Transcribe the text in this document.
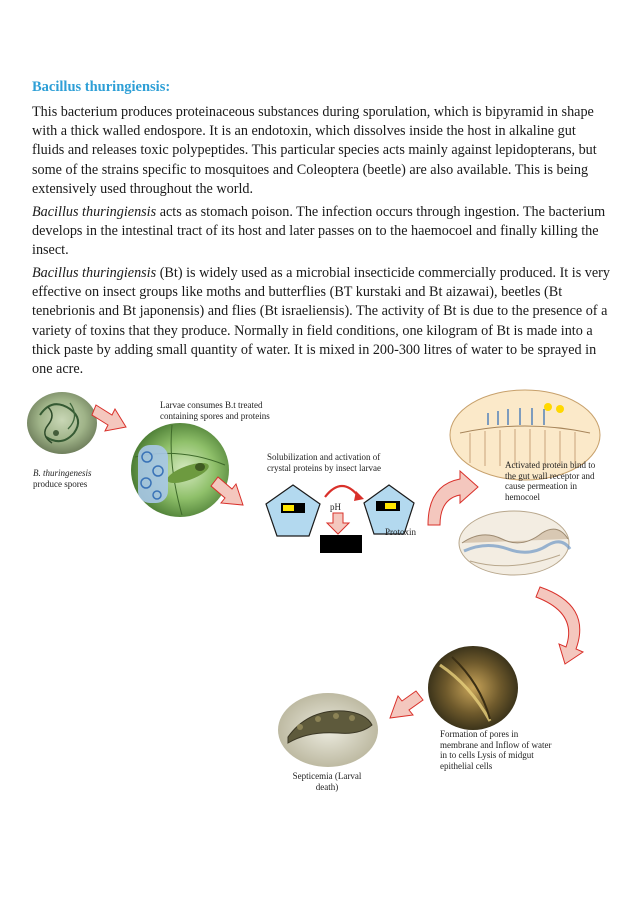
Bacillus thuringiensis:

This bacterium produces proteinaceous substances during sporulation, which is bipyramid in shape with a thick walled endospore. It is an endotoxin, which dissolves inside the host in alkaline gut fluids and releases toxic polypeptides. This particular species acts mainly against lepidopterans, but some of the strains specific to mosquitoes and Coleoptera (beetle) are also available. This is being extensively used throughout the world.

Bacillus thuringiensis acts as stomach poison. The infection occurs through ingestion. The bacterium develops in the intestinal tract of its host and later passes on to the haemocoel and finally killing the insect.

Bacillus thuringiensis (Bt) is widely used as a microbial insecticide commercially produced. It is very effective on insect groups like moths and butterflies (BT kurstaki and Bt aizawai), beetles (Bt tenebrionis and Bt japonensis) and flies (Bt israeliensis). The activity of Bt is due to the presence of a variety of toxins that they produce. Normally in field conditions, one kilogram of Bt is made into a thick paste by adding small quantity of water. It is mixed in 200-300 litres of water to be sprayed in one acre.

B. thuringenesis
produce spores
Larvae consumes B.t treated
containing spores and proteins
Solubilization and activation of
crystal proteins by insect larvae
pH
Protoxin
Activated protein bind to
the gut wall receptor and
cause permeation in
hemocoel
Formation of pores in
membrane and Inflow of water
in to cells Lysis of midgut
epithelial cells
Septicemia (Larval
death)
